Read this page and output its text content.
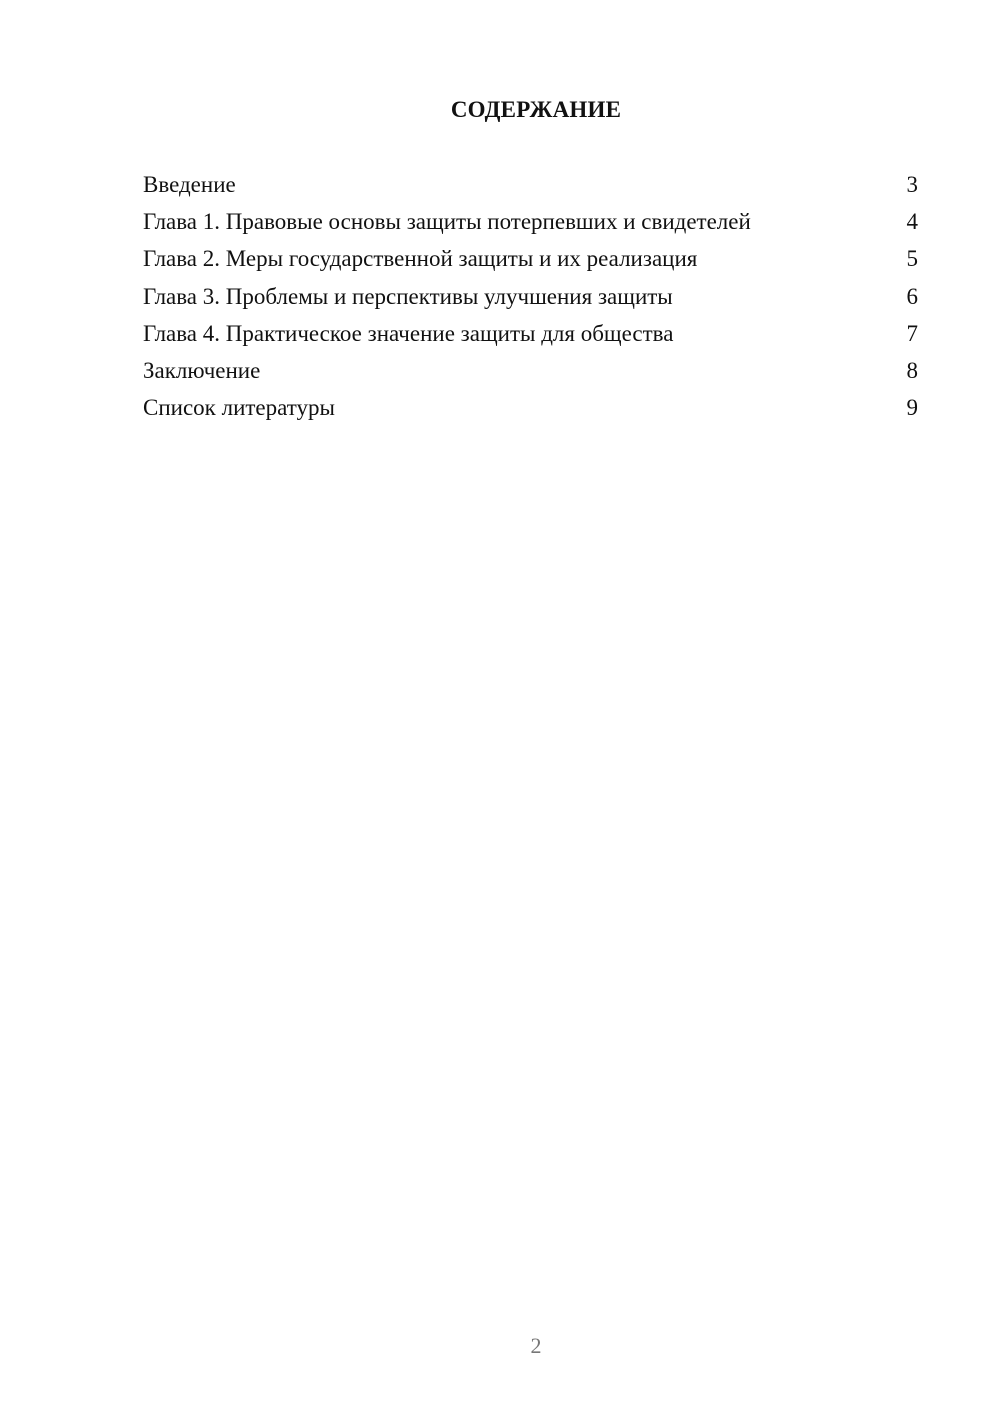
СОДЕРЖАНИЕ
Введение	3
Глава 1. Правовые основы защиты потерпевших и свидетелей	4
Глава 2. Меры государственной защиты и их реализация	5
Глава 3. Проблемы и перспективы улучшения защиты	6
Глава 4. Практическое значение защиты для общества	7
Заключение	8
Список литературы	9
2
